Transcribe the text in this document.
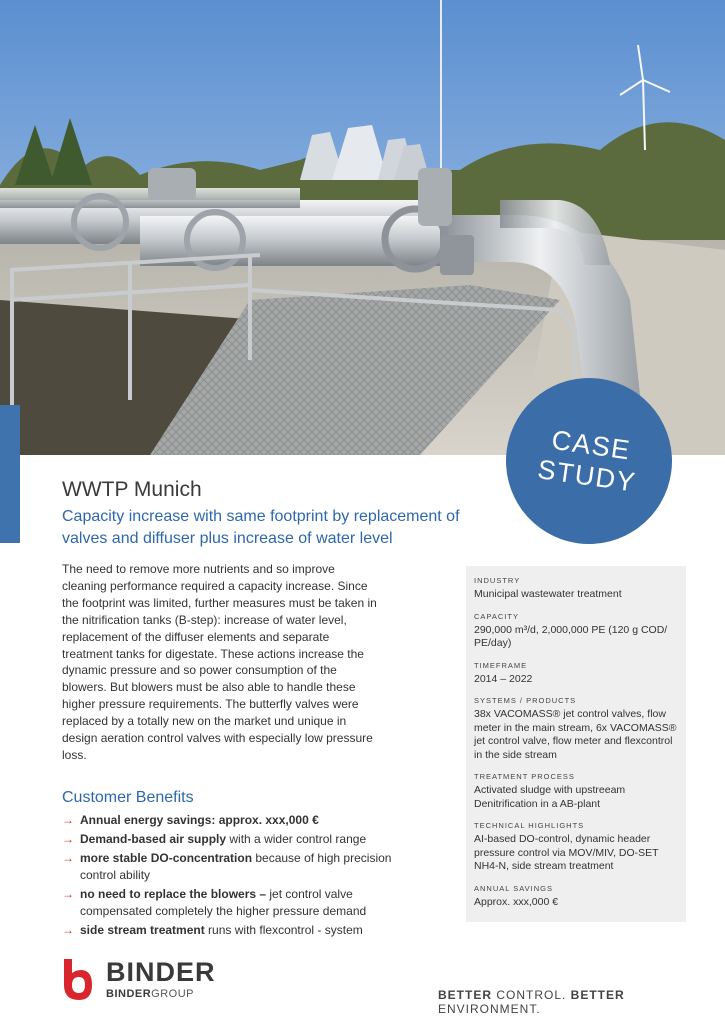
CASE
STUDY
WWTP Munich
Capacity increase with same footprint by replacement of valves and diffuser plus increase of water level

The need to remove more nutrients and so improve cleaning performance required a capacity increase. Since the footprint was limited, further measures must be taken in the nitrification tanks (B-step): increase of water level, replacement of the diffuser elements and separate treatment tanks for digestate. These actions increase the dynamic pressure and so power consumption of the blowers. But blowers must be also able to handle these higher pressure requirements. The butterfly valves were replaced by a totally new on the market und unique in design aeration control valves with especially low pressure loss.

Customer Benefits
→ Annual energy savings: approx. xxx,000 €
→ Demand-based air supply with a wider control range
→ more stable DO-concentration because of high precision control ability
→ no need to replace the blowers – jet control valve compensated completely the higher pressure demand
→ side stream treatment runs with flexcontrol - system
INDUSTRY
Municipal wastewater treatment
CAPACITY
290,000 m³/d, 2,000,000 PE (120 g COD/ PE/day)
TIMEFRAME
2014 – 2022
SYSTEMS / PRODUCTS
38x VACOMASS® jet control valves, flow meter in the main stream, 6x VACOMASS® jet control valve, flow meter and flexcontrol in the side stream
TREATMENT PROCESS
Activated sludge with upstreeam Denitrification in a AB-plant
TECHNICAL HIGHLIGHTS
AI-based DO-control, dynamic header pressure control via MOV/MIV, DO-SET NH4-N, side stream treatment
ANNUAL SAVINGS
Approx. xxx,000 €
BINDER
BINDERGROUP	BETTER CONTROL. BETTER ENVIRONMENT.
